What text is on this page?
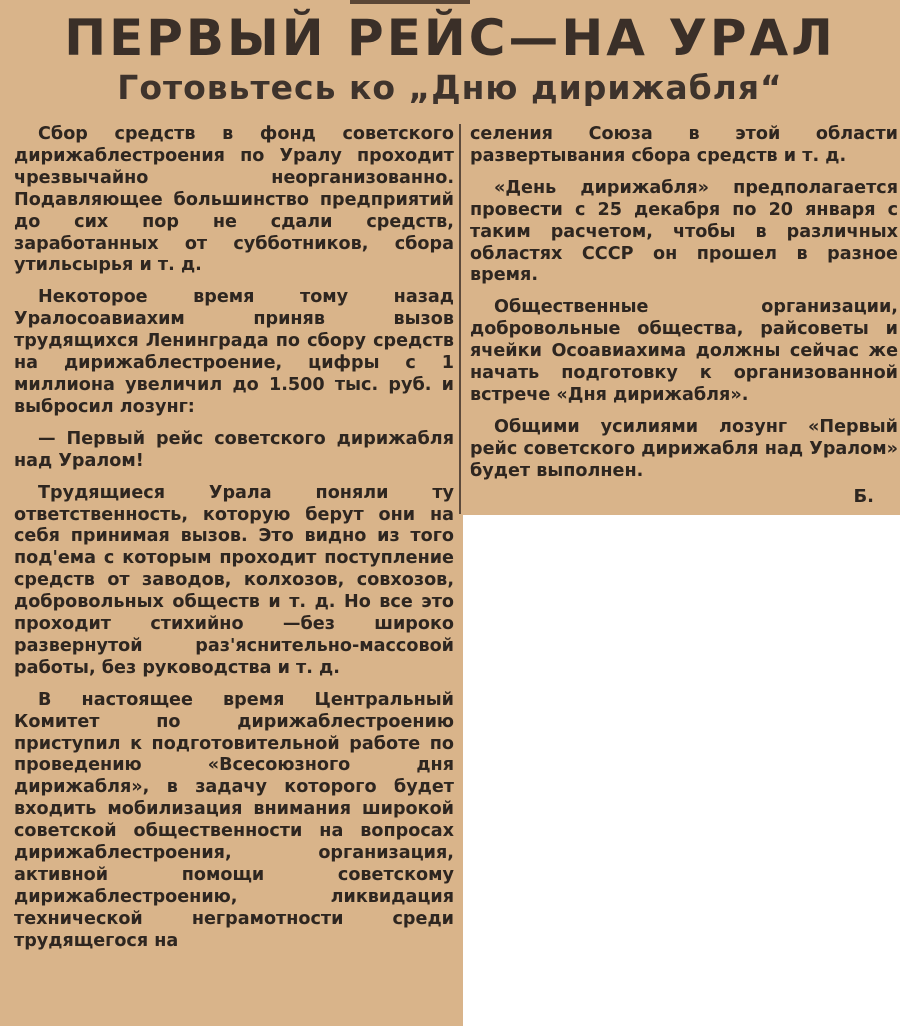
ПЕРВЫЙ РЕЙС—НА УРАЛ
Готовьтесь ко „Дню дирижабля“

Сбор средств в фонд советского дирижаблестроения по Уралу проходит чрезвычайно неорганизованно. Подавляющее большинство предприятий до сих пор не сдали средств, заработанных от субботников, сбора утильсырья и т. д.

Некоторое время тому назад Уралосоавиахим приняв вызов трудящихся Ленинграда по сбору средств на дирижаблестроение, цифры с 1 миллиона увеличил до 1.500 тыс. руб. и выбросил лозунг:

— Первый рейс советского дирижабля над Уралом!

Трудящиеся Урала поняли ту ответственность, которую берут они на себя принимая вызов. Это видно из того под'ема с которым проходит поступление средств от заводов, колхозов, совхозов, добровольных обществ и т. д. Но все это проходит стихийно —без широко развернутой раз'яснительно-массовой работы, без руководства и т. д.

В настоящее время Центральный Комитет по дирижаблестроению приступил к подготовительной работе по проведению «Всесоюзного дня дирижабля», в задачу которого будет входить мобилизация внимания широкой советской общественности на вопросах дирижаблестроения, организация, активной помощи советскому дирижаблестроению, ликвидация технической неграмотности среди трудящегося на

селения Союза в этой области развертывания сбора средств и т. д.

«День дирижабля» предполагается провести с 25 декабря по 20 января с таким расчетом, чтобы в различных областях СССР он прошел в разное время.

Общественные организации, добровольные общества, райсоветы и ячейки Осоавиахима должны сейчас же начать подготовку к организованной встрече «Дня дирижабля».

Общими усилиями лозунг «Первый рейс советского дирижабля над Уралом» будет выполнен.

Б.
